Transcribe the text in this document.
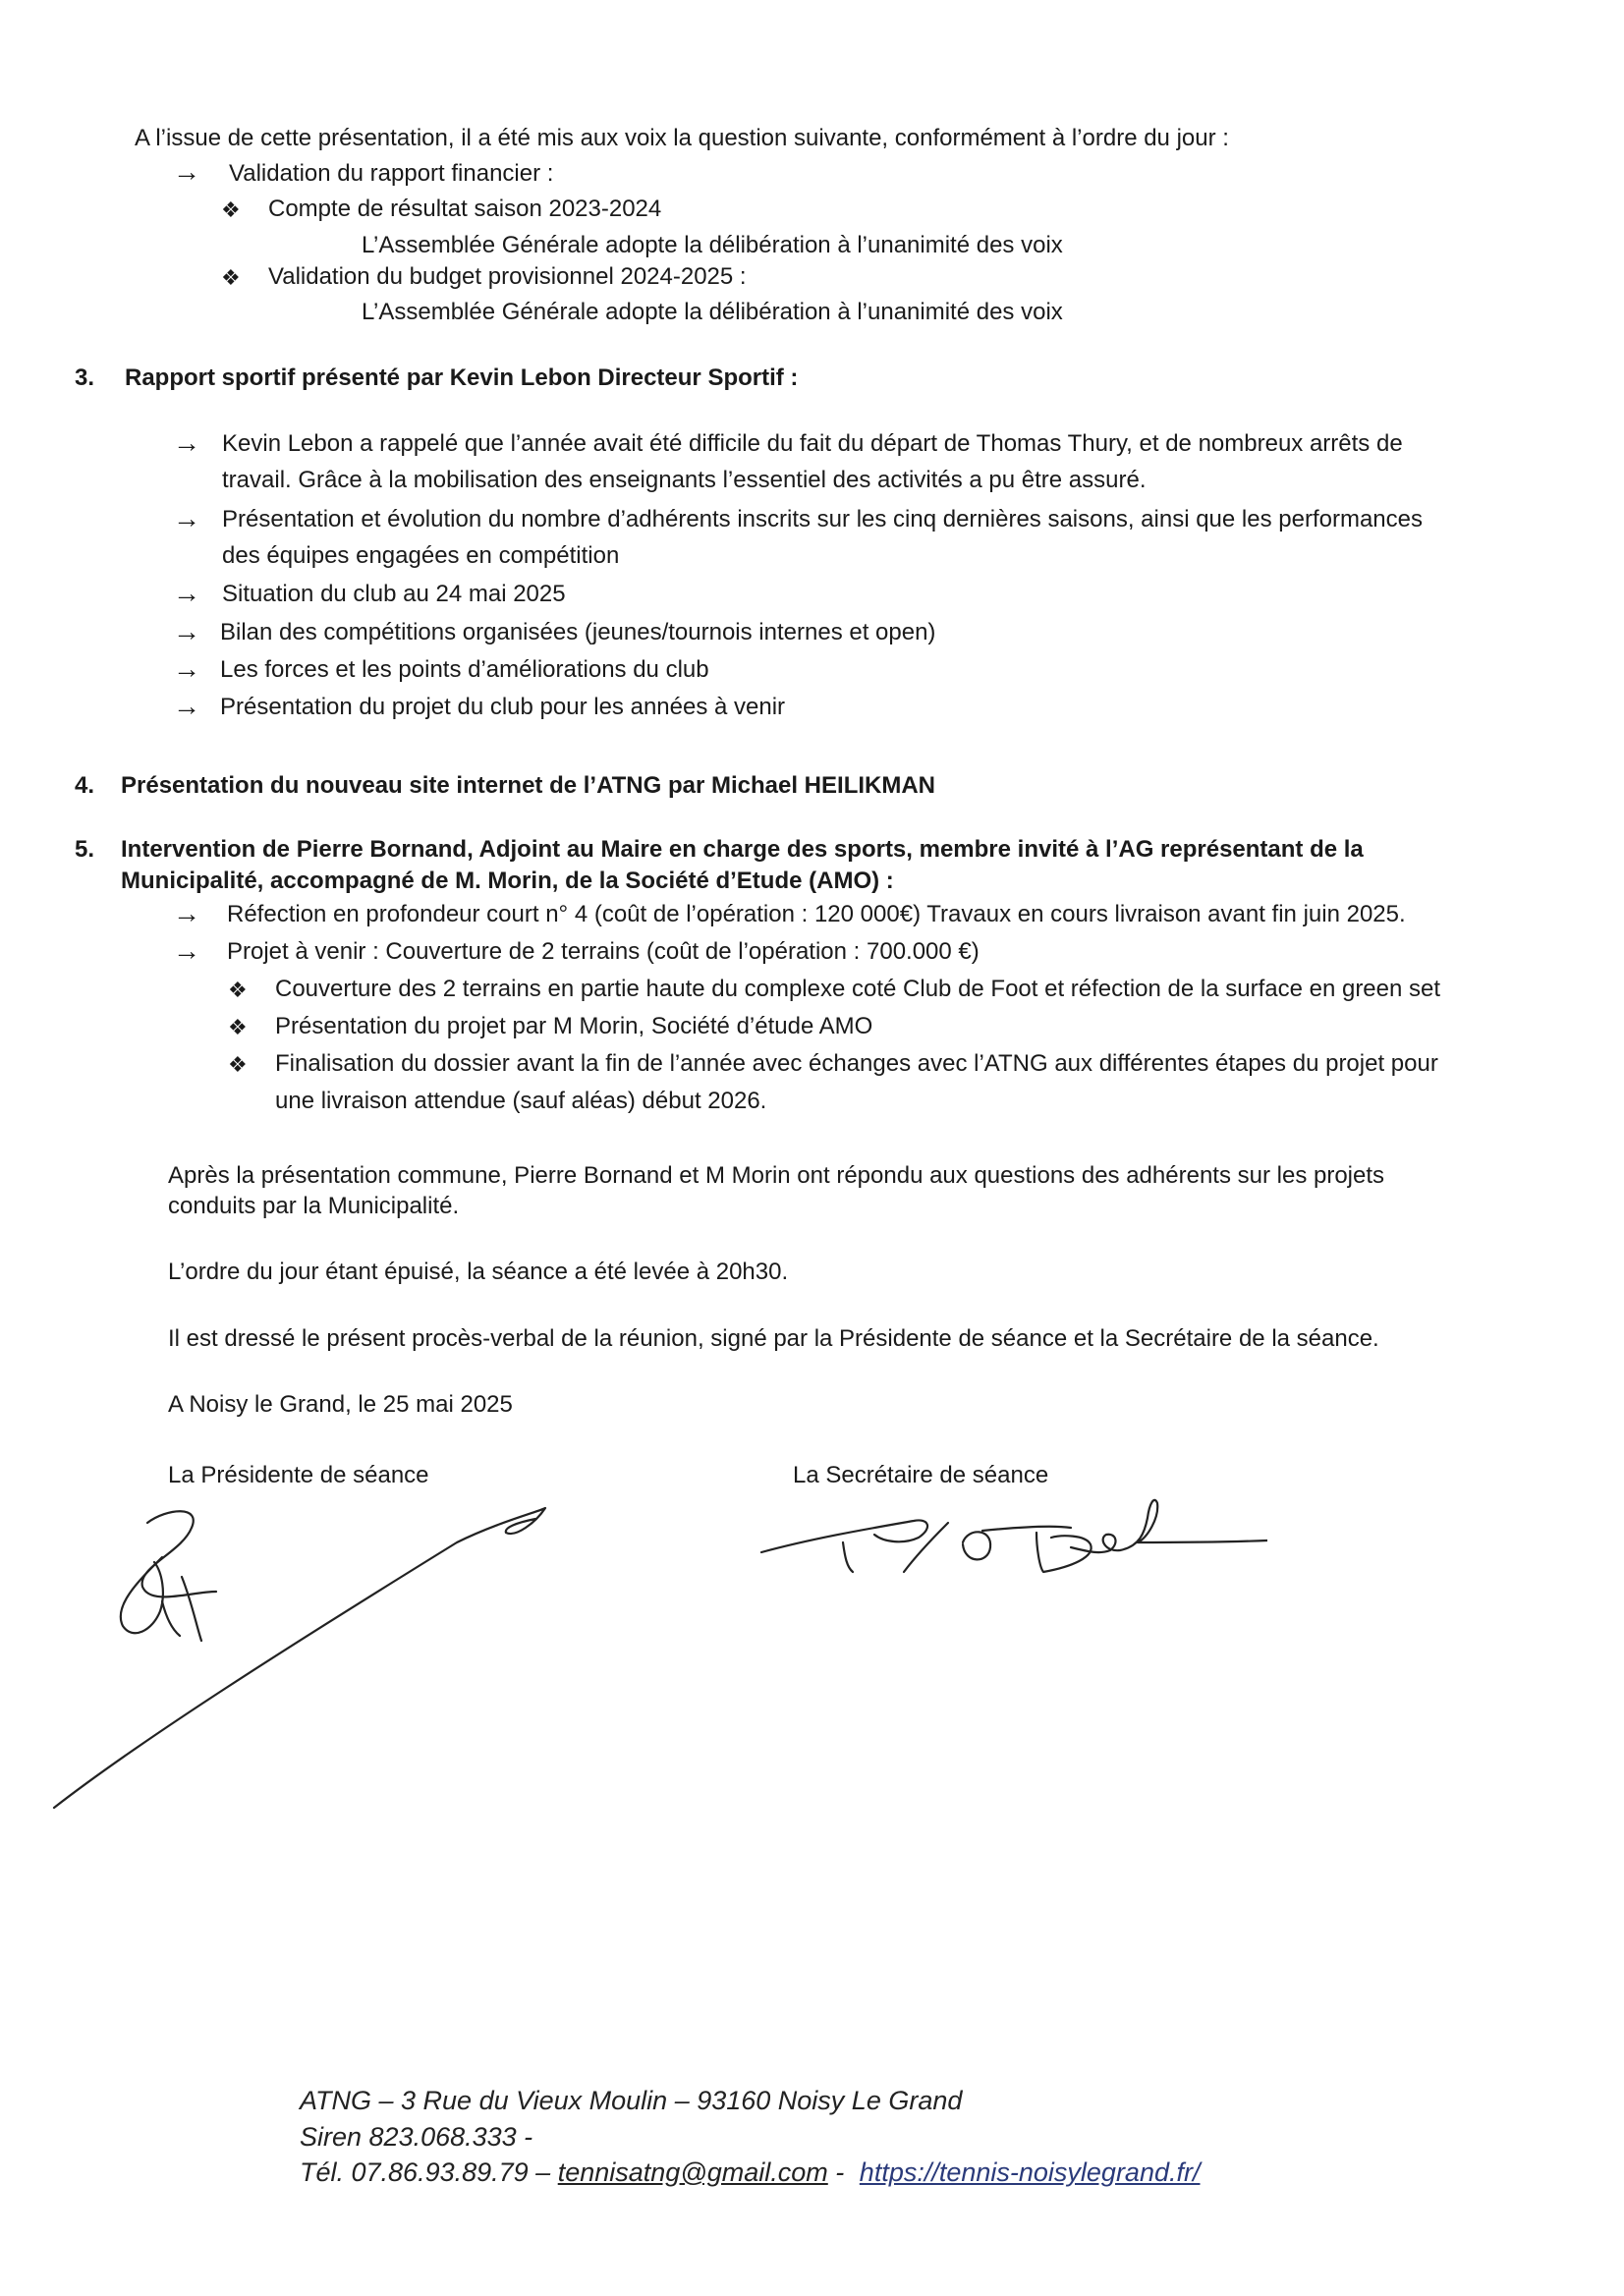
A l’issue de cette présentation, il a été mis aux voix la question suivante, conformément à l’ordre du jour :
→ Validation du rapport financier :
❖ Compte de résultat saison 2023-2024
L’Assemblée Générale adopte la délibération à l’unanimité des voix
❖ Validation du budget provisionnel 2024-2025 :
L’Assemblée Générale adopte la délibération à l’unanimité des voix
3. Rapport sportif présenté par Kevin Lebon Directeur Sportif :
→ Kevin Lebon a rappelé que l’année avait été difficile du fait du départ de Thomas Thury, et de nombreux arrêts de
travail. Grâce à la mobilisation des enseignants l’essentiel des activités a pu être assuré.
→ Présentation et évolution du nombre d’adhérents inscrits sur les cinq dernières saisons, ainsi que les performances
des équipes engagées en compétition
→ Situation du club au 24 mai 2025
→ Bilan des compétitions organisées (jeunes/tournois internes et open)
→ Les forces et les points d’améliorations du club
→ Présentation du projet du club pour les années à venir
4. Présentation du nouveau site internet de l’ATNG par Michael HEILIKMAN
5. Intervention de Pierre Bornand, Adjoint au Maire en charge des sports, membre invité à l’AG représentant de la
Municipalité, accompagné de M. Morin, de la Société d’Etude (AMO) :
→ Réfection en profondeur court n° 4 (coût de l’opération : 120 000€) Travaux en cours livraison avant fin juin 2025.
→ Projet à venir : Couverture de 2 terrains (coût de l’opération : 700.000 €)
❖ Couverture des 2 terrains en partie haute du complexe coté Club de Foot et réfection de la surface en green set
❖ Présentation du projet par M Morin, Société d’étude AMO
❖ Finalisation du dossier avant la fin de l’année avec échanges avec l’ATNG aux différentes étapes du projet pour
une livraison attendue (sauf aléas) début 2026.
Après la présentation commune, Pierre Bornand et M Morin ont répondu aux questions des adhérents sur les projets
conduits par la Municipalité.
L’ordre du jour étant épuisé, la séance a été levée à 20h30.
Il est dressé le présent procès-verbal de la réunion, signé par la Présidente de séance et la Secrétaire de la séance.
A Noisy le Grand, le 25 mai 2025
La Présidente de séance	La Secrétaire de séance
ATNG – 3 Rue du Vieux Moulin – 93160 Noisy Le Grand
Siren 823.068.333 -
Tél. 07.86.93.89.79 – tennisatng@gmail.com - https://tennis-noisylegrand.fr/
